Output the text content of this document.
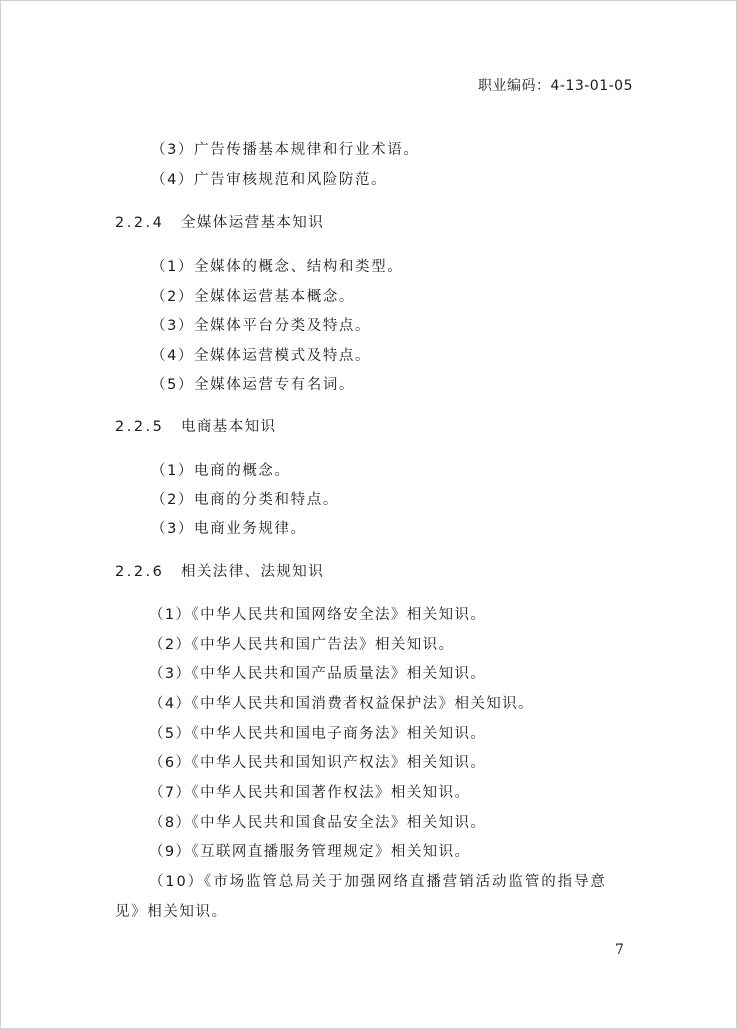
职业编码：4-13-01-05
（3）广告传播基本规律和行业术语。
（4）广告审核规范和风险防范。
2.2.4 全媒体运营基本知识
（1）全媒体的概念、结构和类型。
（2）全媒体运营基本概念。
（3）全媒体平台分类及特点。
（4）全媒体运营模式及特点。
（5）全媒体运营专有名词。
2.2.5 电商基本知识
（1）电商的概念。
（2）电商的分类和特点。
（3）电商业务规律。
2.2.6 相关法律、法规知识
（1）《中华人民共和国网络安全法》相关知识。
（2）《中华人民共和国广告法》相关知识。
（3）《中华人民共和国产品质量法》相关知识。
（4）《中华人民共和国消费者权益保护法》相关知识。
（5）《中华人民共和国电子商务法》相关知识。
（6）《中华人民共和国知识产权法》相关知识。
（7）《中华人民共和国著作权法》相关知识。
（8）《中华人民共和国食品安全法》相关知识。
（9）《互联网直播服务管理规定》相关知识。
（10）《市场监管总局关于加强网络直播营销活动监管的指导意
见》相关知识。
7
